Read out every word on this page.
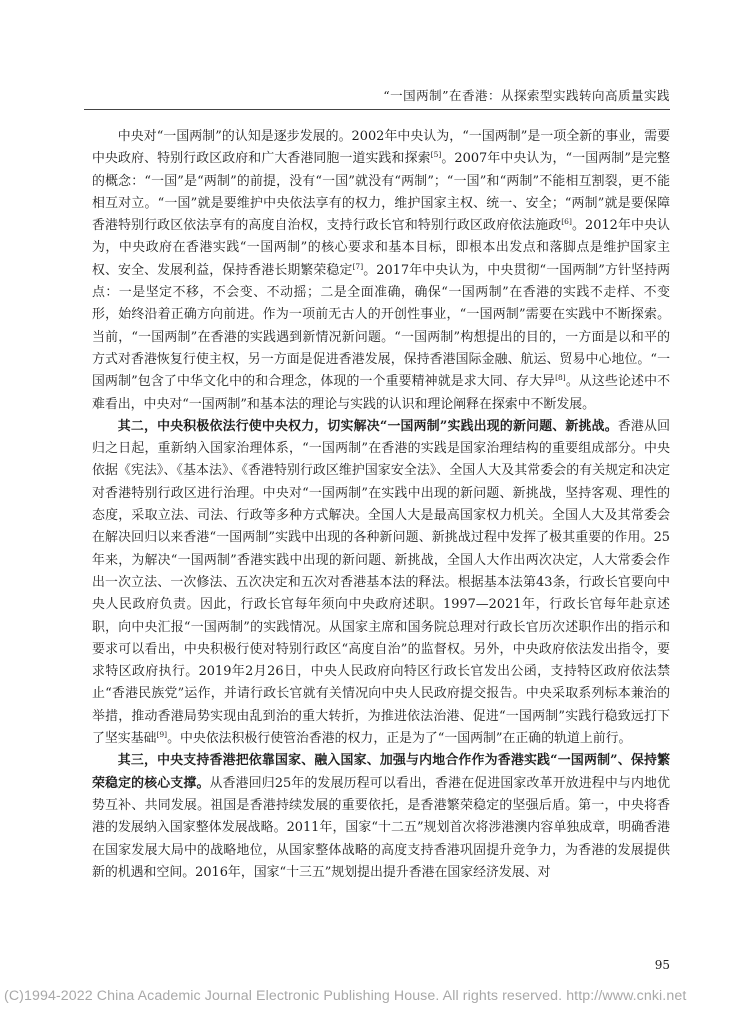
“一国两制”在香港：从探索型实践转向高质量实践

中央对“一国两制”的认知是逐步发展的。2002年中央认为，“一国两制”是一项全新的事业，需要中央政府、特别行政区政府和广大香港同胞一道实践和探索[5]。2007年中央认为，“一国两制”是完整的概念：“一国”是“两制”的前提，没有“一国”就没有“两制”；“一国”和“两制”不能相互割裂，更不能相互对立。“一国”就是要维护中央依法享有的权力，维护国家主权、统一、安全；“两制”就是要保障香港特别行政区依法享有的高度自治权，支持行政长官和特别行政区政府依法施政[6]。2012年中央认为，中央政府在香港实践“一国两制”的核心要求和基本目标，即根本出发点和落脚点是维护国家主权、安全、发展利益，保持香港长期繁荣稳定[7]。2017年中央认为，中央贯彻“一国两制”方针坚持两点：一是坚定不移，不会变、不动摇；二是全面准确，确保“一国两制”在香港的实践不走样、不变形，始终沿着正确方向前进。作为一项前无古人的开创性事业，“一国两制”需要在实践中不断探索。当前，“一国两制”在香港的实践遇到新情况新问题。“一国两制”构想提出的目的，一方面是以和平的方式对香港恢复行使主权，另一方面是促进香港发展，保持香港国际金融、航运、贸易中心地位。“一国两制”包含了中华文化中的和合理念，体现的一个重要精神就是求大同、存大异[8]。从这些论述中不难看出，中央对“一国两制”和基本法的理论与实践的认识和理论阐释在探索中不断发展。

其二，中央积极依法行使中央权力，切实解决“一国两制”实践出现的新问题、新挑战。香港从回归之日起，重新纳入国家治理体系，“一国两制”在香港的实践是国家治理结构的重要组成部分。中央依据《宪法》、《基本法》、《香港特别行政区维护国家安全法》、全国人大及其常委会的有关规定和决定对香港特别行政区进行治理。中央对“一国两制”在实践中出现的新问题、新挑战，坚持客观、理性的态度，采取立法、司法、行政等多种方式解决。全国人大是最高国家权力机关。全国人大及其常委会在解决回归以来香港“一国两制”实践中出现的各种新问题、新挑战过程中发挥了极其重要的作用。25年来，为解决“一国两制”香港实践中出现的新问题、新挑战，全国人大作出两次决定，人大常委会作出一次立法、一次修法、五次决定和五次对香港基本法的释法。根据基本法第43条，行政长官要向中央人民政府负责。因此，行政长官每年须向中央政府述职。1997—2021年，行政长官每年赴京述职，向中央汇报“一国两制”的实践情况。从国家主席和国务院总理对行政长官历次述职作出的指示和要求可以看出，中央积极行使对特别行政区“高度自治”的监督权。另外，中央政府依法发出指令，要求特区政府执行。2019年2月26日，中央人民政府向特区行政长官发出公函，支持特区政府依法禁止“香港民族党”运作，并请行政长官就有关情况向中央人民政府提交报告。中央采取系列标本兼治的举措，推动香港局势实现由乱到治的重大转折，为推进依法治港、促进“一国两制”实践行稳致远打下了坚实基础[9]。中央依法积极行使管治香港的权力，正是为了“一国两制”在正确的轨道上前行。

其三，中央支持香港把依靠国家、融入国家、加强与内地合作作为香港实践“一国两制”、保持繁荣稳定的核心支撑。从香港回归25年的发展历程可以看出，香港在促进国家改革开放进程中与内地优势互补、共同发展。祖国是香港持续发展的重要依托，是香港繁荣稳定的坚强后盾。第一，中央将香港的发展纳入国家整体发展战略。2011年，国家“十二五”规划首次将涉港澳内容单独成章，明确香港在国家发展大局中的战略地位，从国家整体战略的高度支持香港巩固提升竞争力，为香港的发展提供新的机遇和空间。2016年，国家“十三五”规划提出提升香港在国家经济发展、对

95
(C)1994-2022 China Academic Journal Electronic Publishing House. All rights reserved. http://www.cnki.net
